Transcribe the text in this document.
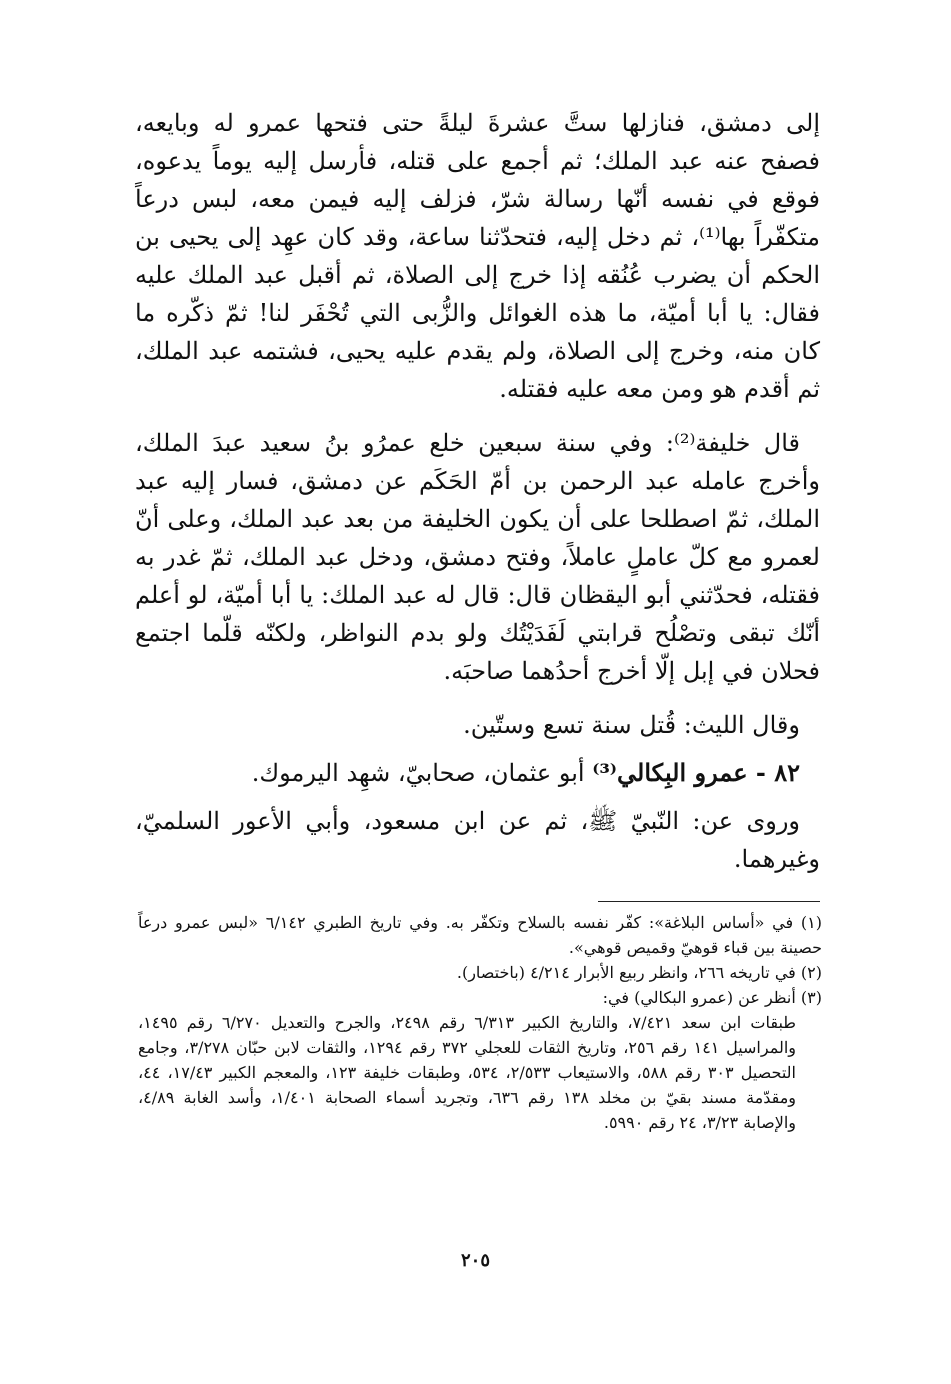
إلى دمشق، فنازلها ستَّ عشرةَ ليلةً حتى فتحها عمرو له وبايعه، فصفح عنه عبد الملك؛ ثم أجمع على قتله، فأرسل إليه يوماً يدعوه، فوقع في نفسه أنّها رسالة شرّ، فزلف إليه فيمن معه، لبس درعاً متكفّراً بها⁽¹⁾، ثم دخل إليه، فتحدّثنا ساعة، وقد كان عهِد إلى يحيى بن الحكم أن يضرب عُنُقه إذا خرج إلى الصلاة، ثم أقبل عبد الملك عليه فقال: يا أبا أميّة، ما هذه الغوائل والزُّبى التي تُحْفَر لنا! ثمّ ذكّره ما كان منه، وخرج إلى الصلاة، ولم يقدم عليه يحيى، فشتمه عبد الملك، ثم أقدم هو ومن معه عليه فقتله.

قال خليفة⁽²⁾: وفي سنة سبعين خلع عمرُو بنُ سعيد عبدَ الملك، وأخرج عامله عبد الرحمن بن أمّ الحَكَم عن دمشق، فسار إليه عبد الملك، ثمّ اصطلحا على أن يكون الخليفة من بعد عبد الملك، وعلى أنّ لعمرو مع كلّ عاملٍ عاملاً، وفتح دمشق، ودخل عبد الملك، ثمّ غدر به فقتله، فحدّثني أبو اليقظان قال: قال له عبد الملك: يا أبا أميّة، لو أعلم أنّك تبقى وتصْلُح قرابتي لَفَدَيْتُك ولو بدم النواظر، ولكنّه قلّما اجتمع فحلان في إبل إلّا أخرج أحدُهما صاحبَه.

وقال الليث: قُتل سنة تسع وستّين.

٨٢ - عمرو البِكالي⁽³⁾ أبو عثمان، صحابيّ، شهِد اليرموك.

وروى عن: النّبيّ ﷺ، ثم عن ابن مسعود، وأبي الأعور السلميّ، وغيرهما.

(١) في «أساس البلاغة»: كفّر نفسه بالسلاح وتكفّر به. وفي تاريخ الطبري ٦/١٤٢ «لبس عمرو درعاً حصينة بين قباء قوهيّ وقميص قوهي».

(٢) في تاريخه ٢٦٦، وانظر ربيع الأبرار ٤/٢١٤ (باختصار).

(٣) أنظر عن (عمرو البكالي) في:

طبقات ابن سعد ٧/٤٢١، والتاريخ الكبير ٦/٣١٣ رقم ٢٤٩٨، والجرح والتعديل ٦/٢٧٠ رقم ١٤٩٥، والمراسيل ١٤١ رقم ٢٥٦، وتاريخ الثقات للعجلي ٣٧٢ رقم ١٢٩٤، والثقات لابن حبّان ٣/٢٧٨، وجامع التحصيل ٣٠٣ رقم ٥٨٨، والاستيعاب ٢/٥٣٣، ٥٣٤، وطبقات خليفة ١٢٣، والمعجم الكبير ١٧/٤٣، ٤٤، ومقدّمة مسند بقيّ بن مخلد ١٣٨ رقم ٦٣٦، وتجريد أسماء الصحابة ١/٤٠١، وأسد الغابة ٤/٨٩، والإصابة ٣/٢٣، ٢٤ رقم ٥٩٩٠.

٢٠٥
